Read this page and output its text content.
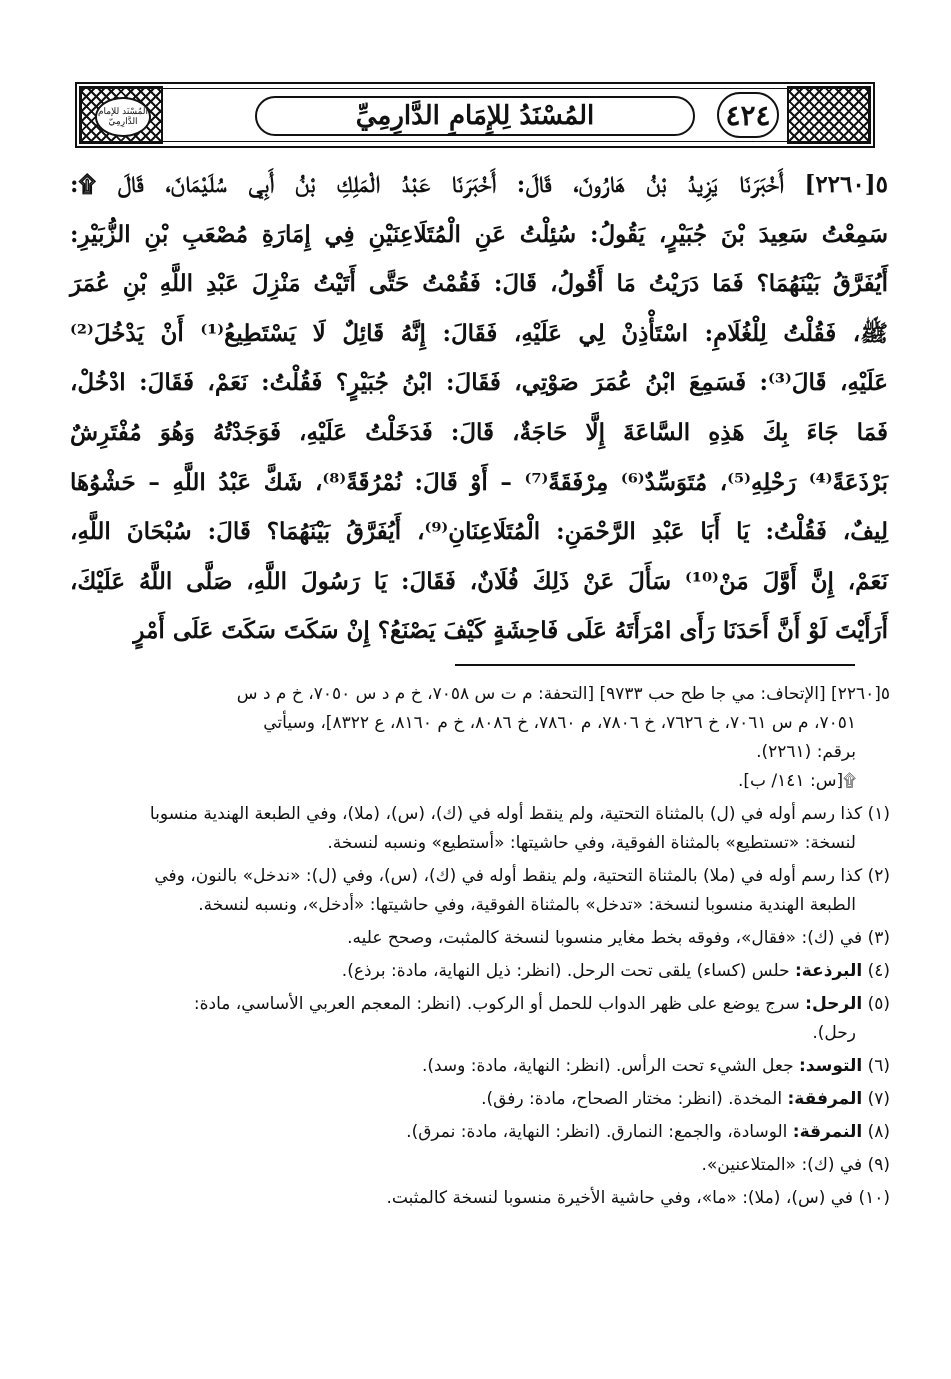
المُسْنَد للإمام الدَّارِمِيّ	المُسْنَدُ لِلإِمَامِ الدَّارِمِيِّ	٤٢٤

٥[٢٢٦٠] أَخْبَرَنَا يَزِيدُ بْنُ هَارُونَ، قَالَ: أَخْبَرَنَا عَبْدُ الْمَلِكِ بْنُ أَبِي سُلَيْمَانَ، قَالَ ۩:

سَمِعْتُ سَعِيدَ بْنَ جُبَيْرٍ، يَقُولُ: سُئِلْتُ عَنِ الْمُتَلَاعِنَيْنِ فِي إِمَارَةِ مُصْعَبِ بْنِ الزُّبَيْرِ:

أَيُفَرَّقُ بَيْنَهُمَا؟ فَمَا دَرَيْتُ مَا أَقُولُ، قَالَ: فَقُمْتُ حَتَّى أَتَيْتُ مَنْزِلَ عَبْدِ اللَّهِ بْنِ عُمَرَ

ﷺ، فَقُلْتُ لِلْغُلَامِ: اسْتَأْذِنْ لِي عَلَيْهِ، فَقَالَ: إِنَّهُ قَائِلٌ لَا يَسْتَطِيعُ⁽¹⁾ أَنْ يَدْخُلَ⁽²⁾

عَلَيْهِ، قَالَ⁽³⁾: فَسَمِعَ ابْنُ عُمَرَ صَوْتِي، فَقَالَ: ابْنُ جُبَيْرٍ؟ فَقُلْتُ: نَعَمْ، فَقَالَ: ادْخُلْ،

فَمَا جَاءَ بِكَ هَذِهِ السَّاعَةَ إِلَّا حَاجَةٌ، قَالَ: فَدَخَلْتُ عَلَيْهِ، فَوَجَدْتُهُ وَهُوَ مُفْتَرِشٌ

بَرْذَعَةً⁽⁴⁾ رَحْلِهِ⁽⁵⁾، مُتَوَسِّدٌ⁽⁶⁾ مِرْفَقَةً⁽⁷⁾ – أَوْ قَالَ: نُمْرُقَةً⁽⁸⁾، شَكَّ عَبْدُ اللَّهِ – حَشْوُهَا

لِيفٌ، فَقُلْتُ: يَا أَبَا عَبْدِ الرَّحْمَنِ: الْمُتَلَاعِنَانِ⁽⁹⁾، أَيُفَرَّقُ بَيْنَهُمَا؟ قَالَ: سُبْحَانَ اللَّهِ،

نَعَمْ، إِنَّ أَوَّلَ مَنْ⁽¹⁰⁾ سَأَلَ عَنْ ذَلِكَ فُلَانٌ، فَقَالَ: يَا رَسُولَ اللَّهِ، صَلَّى اللَّهُ عَلَيْكَ،

أَرَأَيْتَ لَوْ أَنَّ أَحَدَنَا رَأَى امْرَأَتَهُ عَلَى فَاحِشَةٍ كَيْفَ يَصْنَعُ؟ إِنْ سَكَتَ سَكَتَ عَلَى أَمْرٍ

٥[٢٢٦٠] [الإتحاف: مي جا طح حب ٩٧٣٣] [التحفة: م ت س ٧٠٥٨، خ م د س ٧٠٥٠، خ م د س

٧٠٥١، م س ٧٠٦١، خ ٧٦٢٦، خ ٧٨٠٦، م ٧٨٦٠، خ ٨٠٨٦، خ م ٨١٦٠، ع ٨٣٢٢]، وسيأتي

برقم: (٢٢٦١).

۩[س: ١٤١/ ب].

(١) كذا رسم أوله في (ل) بالمثناة التحتية، ولم ينقط أوله في (ك)، (س)، (ملا)، وفي الطبعة الهندية منسوبا

لنسخة: «تستطيع» بالمثناة الفوقية، وفي حاشيتها: «أستطيع» ونسبه لنسخة.

(٢) كذا رسم أوله في (ملا) بالمثناة التحتية، ولم ينقط أوله في (ك)، (س)، وفي (ل): «ندخل» بالنون، وفي

الطبعة الهندية منسوبا لنسخة: «تدخل» بالمثناة الفوقية، وفي حاشيتها: «أدخل»، ونسبه لنسخة.

(٣) في (ك): «فقال»، وفوقه بخط مغاير منسوبا لنسخة كالمثبت، وصحح عليه.

(٤) البرذعة: حلس (كساء) يلقى تحت الرحل. (انظر: ذيل النهاية، مادة: برذع).

(٥) الرحل: سرج يوضع على ظهر الدواب للحمل أو الركوب. (انظر: المعجم العربي الأساسي، مادة:

رحل).

(٦) التوسد: جعل الشيء تحت الرأس. (انظر: النهاية، مادة: وسد).

(٧) المرفقة: المخدة. (انظر: مختار الصحاح، مادة: رفق).

(٨) النمرقة: الوسادة، والجمع: النمارق. (انظر: النهاية، مادة: نمرق).

(٩) في (ك): «المتلاعنين».

(١٠) في (س)، (ملا): «ما»، وفي حاشية الأخيرة منسوبا لنسخة كالمثبت.
